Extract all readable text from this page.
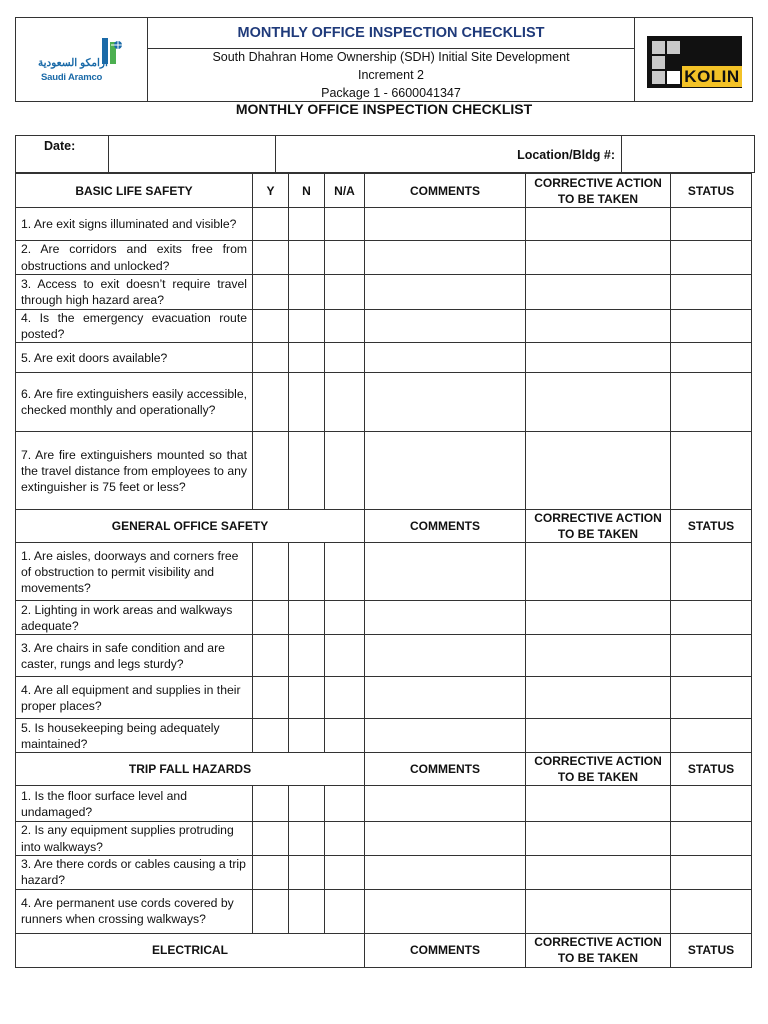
ارامكو السعودية
Saudi Aramco
MONTHLY OFFICE INSPECTION CHECKLIST
South Dhahran Home Ownership (SDH) Initial Site Development
Increment 2
Package 1 - 6600041347
KOLIN
MONTHLY OFFICE INSPECTION CHECKLIST
Date:
Location/Bldg #:
BASIC LIFE SAFETY	Y	N	N/A	COMMENTS	CORRECTIVE ACTION TO BE TAKEN	STATUS
1. Are exit signs illuminated and visible?						
2. Are corridors and exits free from obstructions and unlocked?						
3. Access to exit doesn’t require travel through high hazard area?						
4. Is the emergency evacuation route posted?						
5. Are exit doors available?						
6. Are fire extinguishers easily accessible, checked monthly and operationally?						
7. Are fire extinguishers mounted so that the travel distance from employees to any extinguisher is 75 feet or less?						
GENERAL OFFICE SAFETY				COMMENTS	CORRECTIVE ACTION TO BE TAKEN	STATUS
1. Are aisles, doorways and corners free of obstruction to permit visibility and movements?						
2. Lighting in work areas and walkways adequate?						
3. Are chairs in safe condition and are caster, rungs and legs sturdy?						
4. Are all equipment and supplies in their proper places?						
5. Is housekeeping being adequately maintained?						
TRIP FALL HAZARDS				COMMENTS	CORRECTIVE ACTION TO BE TAKEN	STATUS
1. Is the floor surface level and undamaged?						
2. Is any equipment supplies protruding into walkways?						
3. Are there cords or cables causing a trip hazard?						
4. Are permanent use cords covered by runners when crossing walkways?						
ELECTRICAL				COMMENTS	CORRECTIVE ACTION TO BE TAKEN	STATUS
